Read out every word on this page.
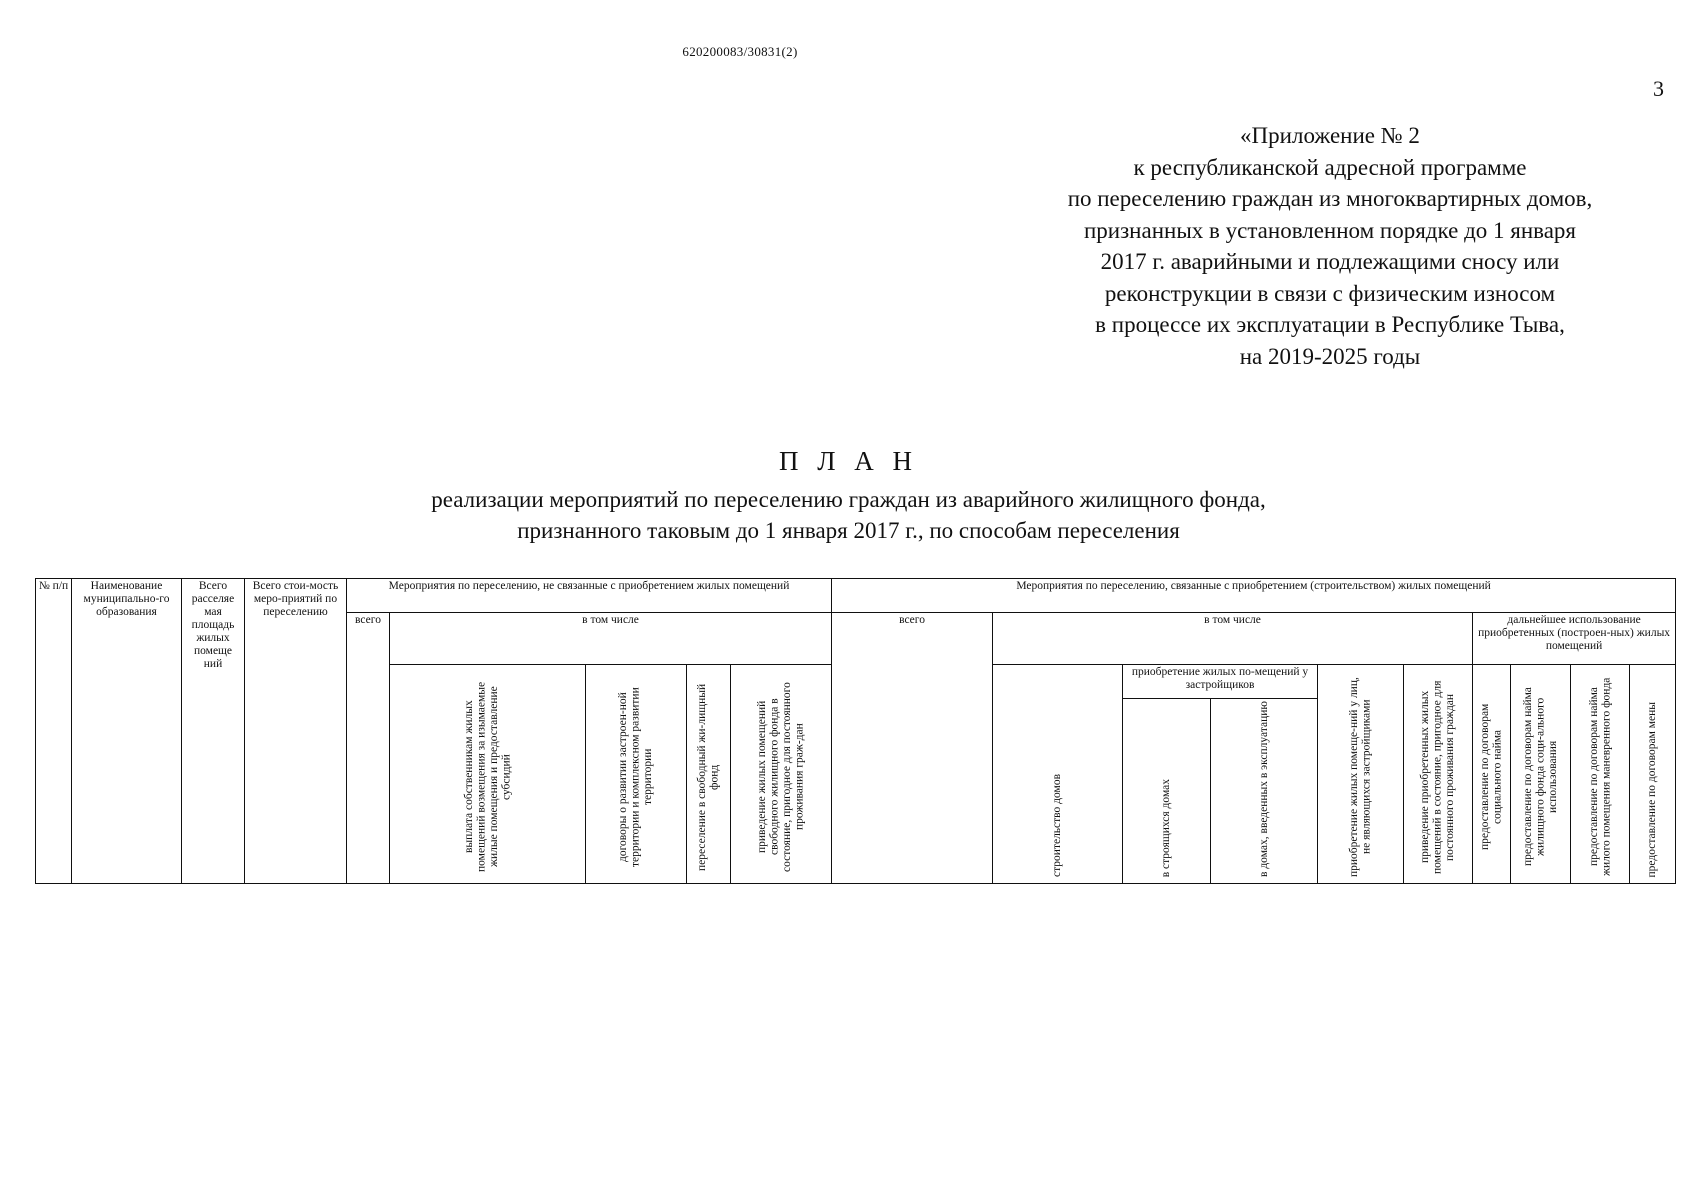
620200083/30831(2)
3
«Приложение № 2
к республиканской адресной программе
по переселению граждан из многоквартирных домов,
признанных в установленном порядке до 1 января
2017 г. аварийными и подлежащими сносу или
реконструкции в связи с физическим износом
в процессе их эксплуатации в Республике Тыва,
на 2019-2025 годы
П Л А Н
реализации мероприятий по переселению граждан из аварийного жилищного фонда,
признанного таковым до 1 января 2017 г., по способам переселения
№ п/п	Наименование муниципально-го образования	Всего расселяе мая площадь жилых помеще ний	Всего стои-мость меро-приятий по переселению	Мероприятия по переселению, не связанные с приобретением жилых помещений					Мероприятия по переселению, связанные с приобретением (строительством) жилых помещений									
				всего	в том числе				всего	в том числе					дальнейшее использование приобретенных (построен-ных) жилых помещений			
					выплата собственникам жилых помещений возмещения за изымаемые жилые помещения и предоставление субсидий	договоры о развитии застроен-ной территории и комплексном развитии территории	переселение в свободный жи-лищный фонд	приведение жилых помещений свободного жилищного фонда в состояние, пригодное для постоянного проживания граж-дан		строительство домов	приобретение жилых по-мещений у застройщиков		приобретение жилых помеще-ний у лиц, не являющихся застройщиками	приведение приобретенных жилых помещений в состояние, пригодное для постоянного проживания граждан	предоставление по договорам социального найма	предоставление по договорам найма жилищного фонда соци-ального использования	предоставление по договорам найма жилого помещения маневренного фонда	предоставление по договорам мены
											в строящихся домах	в домах, введенных в эксплуатацию						
